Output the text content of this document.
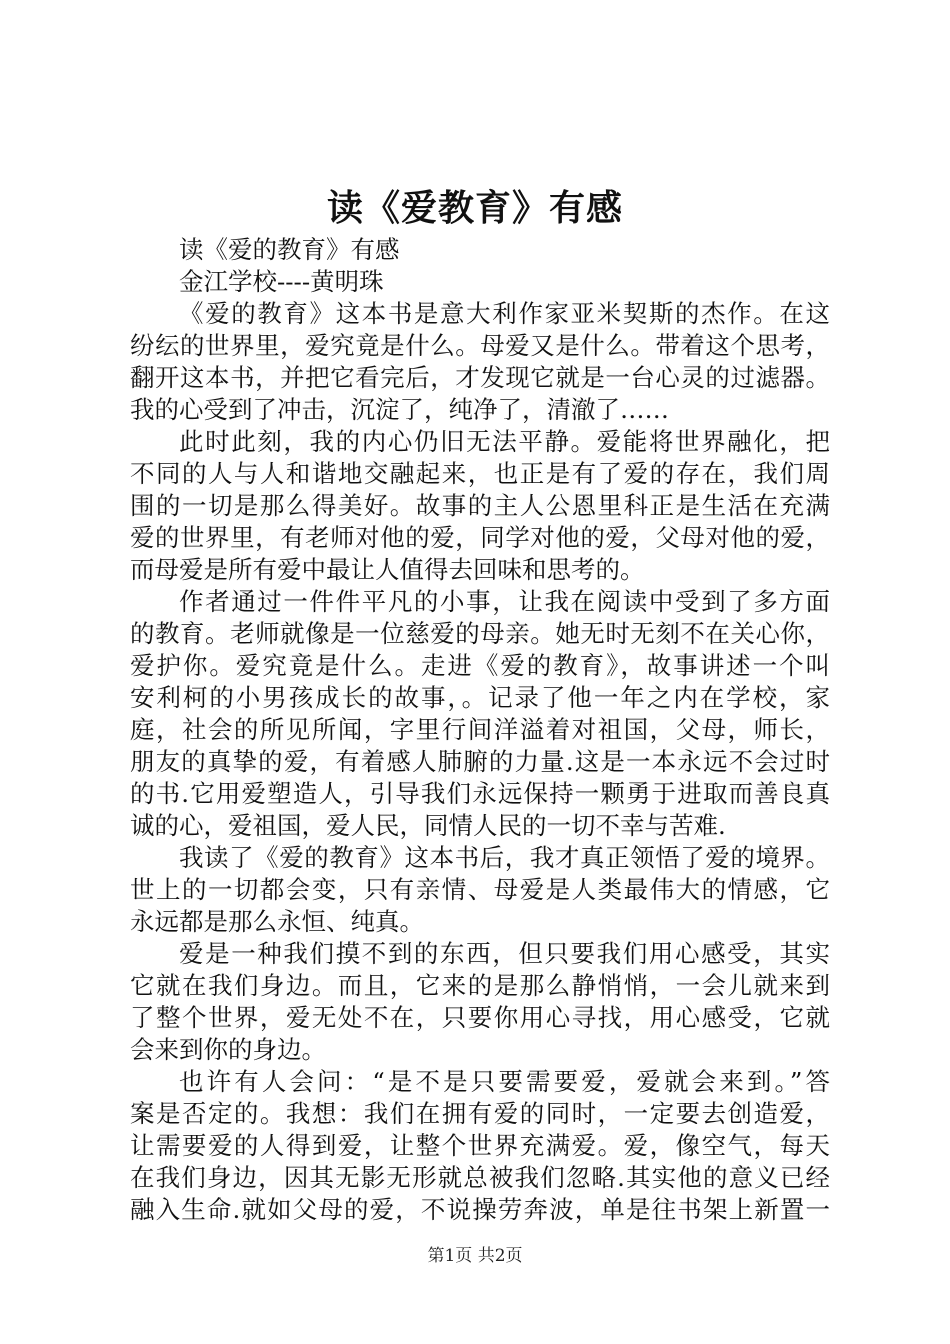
读《爱教育》有感
读《爱的教育》有感
金江学校----黄明珠
《爱的教育》这本书是意大利作家亚米契斯的杰作。在这
纷纭的世界里，爱究竟是什么。母爱又是什么。带着这个思考，
翻开这本书，并把它看完后，才发现它就是一台心灵的过滤器。
我的心受到了冲击，沉淀了，纯净了，清澈了……
此时此刻，我的内心仍旧无法平静。爱能将世界融化，把
不同的人与人和谐地交融起来，也正是有了爱的存在，我们周
围的一切是那么得美好。故事的主人公恩里科正是生活在充满
爱的世界里，有老师对他的爱，同学对他的爱，父母对他的爱，
而母爱是所有爱中最让人值得去回味和思考的。
作者通过一件件平凡的小事，让我在阅读中受到了多方面
的教育。老师就像是一位慈爱的母亲。她无时无刻不在关心你，
爱护你。爱究竟是什么。走进《爱的教育》，故事讲述一个叫
安利柯的小男孩成长的故事，。记录了他一年之内在学校，家
庭，社会的所见所闻，字里行间洋溢着对祖国，父母，师长，
朋友的真挚的爱，有着感人肺腑的力量.这是一本永远不会过时
的书.它用爱塑造人，引导我们永远保持一颗勇于进取而善良真
诚的心，爱祖国，爱人民，同情人民的一切不幸与苦难.
我读了《爱的教育》这本书后，我才真正领悟了爱的境界。
世上的一切都会变，只有亲情、母爱是人类最伟大的情感，它
永远都是那么永恒、纯真。
爱是一种我们摸不到的东西，但只要我们用心感受，其实
它就在我们身边。而且，它来的是那么静悄悄，一会儿就来到
了整个世界，爱无处不在，只要你用心寻找，用心感受，它就
会来到你的身边。
也许有人会问：“是不是只要需要爱，爱就会来到。”答
案是否定的。我想：我们在拥有爱的同时，一定要去创造爱，
让需要爱的人得到爱，让整个世界充满爱。爱，像空气，每天
在我们身边，因其无影无形就总被我们忽略.其实他的意义已经
融入生命.就如父母的爱，不说操劳奔波，单是往书架上新置一
第1页 共2页
